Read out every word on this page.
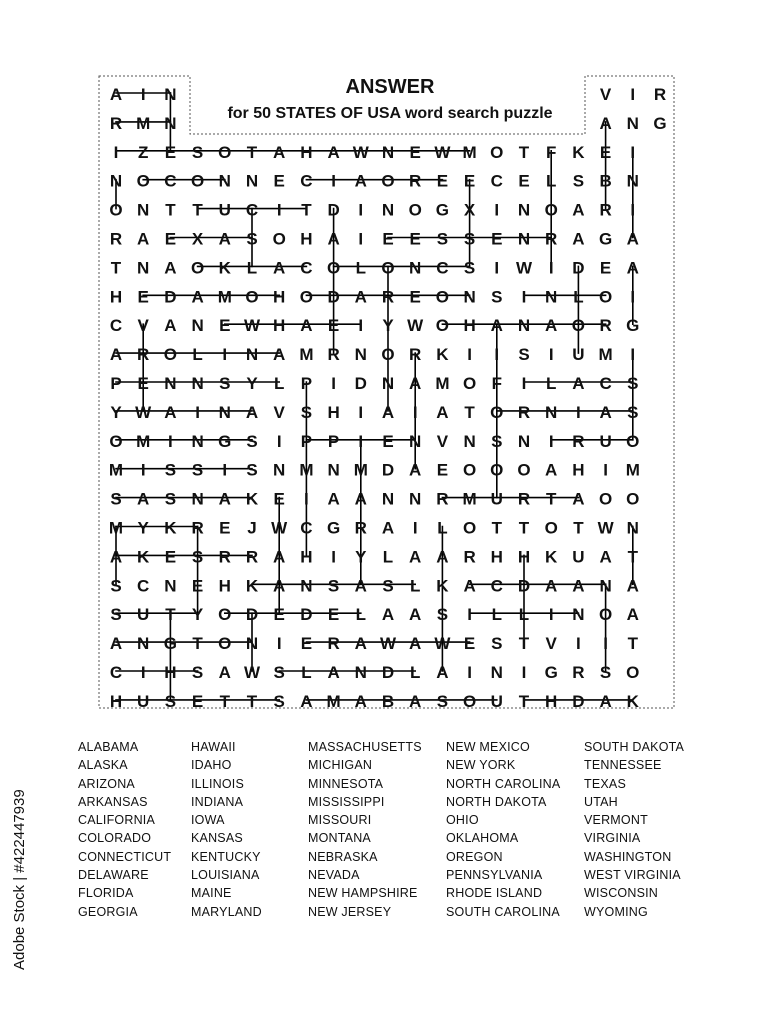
A I N	V I R
R M N	A N G
I Z E S O T A H A W N E W M O T F K E I
N O C O N N E C I A O R E E C E L S B N
O N T T U C I T D I N O G X I N O A R I
R A E X A S O H A I E E S S E N R A G A
T N A O K L A C O L O N C S I W I D E A
H E D A M O H O D A R E O N S I N L O I
C V A N E W H A E I Y W O H A N A O R G
A R O L I N A M R N O R K I I S I U M I
P E N N S Y L P I D N A M O F I L A C S
Y W A I N A V S H I A I A T O R N I A S
O M I N G S I P P I E N V N S N I R U O
M I S S I S N M N M D A E O O O A H I M
S A S N A K E I A A N N R M U R T A O O
M Y K R E J W C G R A I L O T T O T W N
A K E S R R A H I Y L A A R H H K U A T
S C N E H K A N S A S L K A C D A A N A
S U T Y O D E D E L A A S I L L I N O A
A N G T O N I E R A W A W E S T V I I T
C I H S A W S L A N D L A I N I G R S O
H U S E T T S A M A B A S O U T H D A K
ANSWER
for 50 STATES OF USA word search puzzle
ALABAMA
ALASKA
ARIZONA
ARKANSAS
CALIFORNIA
COLORADO
CONNECTICUT
DELAWARE
FLORIDA
GEORGIA
HAWAII
IDAHO
ILLINOIS
INDIANA
IOWA
KANSAS
KENTUCKY
LOUISIANA
MAINE
MARYLAND
MASSACHUSETTS
MICHIGAN
MINNESOTA
MISSISSIPPI
MISSOURI
MONTANA
NEBRASKA
NEVADA
NEW HAMPSHIRE
NEW JERSEY
NEW MEXICO
NEW YORK
NORTH CAROLINA
NORTH DAKOTA
OHIO
OKLAHOMA
OREGON
PENNSYLVANIA
RHODE ISLAND
SOUTH CAROLINA
SOUTH DAKOTA
TENNESSEE
TEXAS
UTAH
VERMONT
VIRGINIA
WASHINGTON
WEST VIRGINIA
WISCONSIN
WYOMING
Adobe Stock | #422447939
